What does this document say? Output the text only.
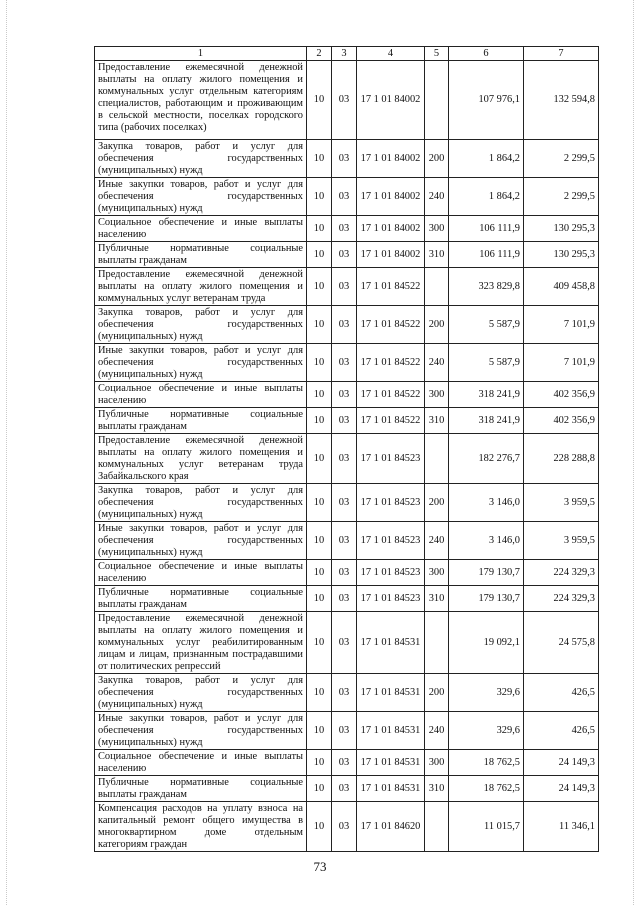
1	2	3	4	5	6	7
Предоставление ежемесячной денежной выплаты на оплату жилого помещения и коммунальных услуг отдельным категориям специалистов, работающим и проживающим в сельской местности, поселках городского типа (рабочих поселках)	10	03	17 1 01 84002		107 976,1	132 594,8
Закупка товаров, работ и услуг для обеспечения государственных (муниципальных) нужд	10	03	17 1 01 84002	200	1 864,2	2 299,5
Иные закупки товаров, работ и услуг для обеспечения государственных (муниципальных) нужд	10	03	17 1 01 84002	240	1 864,2	2 299,5
Социальное обеспечение и иные выплаты населению	10	03	17 1 01 84002	300	106 111,9	130 295,3
Публичные нормативные социальные выплаты гражданам	10	03	17 1 01 84002	310	106 111,9	130 295,3
Предоставление ежемесячной денежной выплаты на оплату жилого помещения и коммунальных услуг ветеранам труда	10	03	17 1 01 84522		323 829,8	409 458,8
Закупка товаров, работ и услуг для обеспечения государственных (муниципальных) нужд	10	03	17 1 01 84522	200	5 587,9	7 101,9
Иные закупки товаров, работ и услуг для обеспечения государственных (муниципальных) нужд	10	03	17 1 01 84522	240	5 587,9	7 101,9
Социальное обеспечение и иные выплаты населению	10	03	17 1 01 84522	300	318 241,9	402 356,9
Публичные нормативные социальные выплаты гражданам	10	03	17 1 01 84522	310	318 241,9	402 356,9
Предоставление ежемесячной денежной выплаты на оплату жилого помещения и коммунальных услуг ветеранам труда Забайкальского края	10	03	17 1 01 84523		182 276,7	228 288,8
Закупка товаров, работ и услуг для обеспечения государственных (муниципальных) нужд	10	03	17 1 01 84523	200	3 146,0	3 959,5
Иные закупки товаров, работ и услуг для обеспечения государственных (муниципальных) нужд	10	03	17 1 01 84523	240	3 146,0	3 959,5
Социальное обеспечение и иные выплаты населению	10	03	17 1 01 84523	300	179 130,7	224 329,3
Публичные нормативные социальные выплаты гражданам	10	03	17 1 01 84523	310	179 130,7	224 329,3
Предоставление ежемесячной денежной выплаты на оплату жилого помещения и коммунальных услуг реабилитированным лицам и лицам, признанным пострадавшими от политических репрессий	10	03	17 1 01 84531		19 092,1	24 575,8
Закупка товаров, работ и услуг для обеспечения государственных (муниципальных) нужд	10	03	17 1 01 84531	200	329,6	426,5
Иные закупки товаров, работ и услуг для обеспечения государственных (муниципальных) нужд	10	03	17 1 01 84531	240	329,6	426,5
Социальное обеспечение и иные выплаты населению	10	03	17 1 01 84531	300	18 762,5	24 149,3
Публичные нормативные социальные выплаты гражданам	10	03	17 1 01 84531	310	18 762,5	24 149,3
Компенсация расходов на уплату взноса на капитальный ремонт общего имущества в многоквартирном доме отдельным категориям граждан	10	03	17 1 01 84620		11 015,7	11 346,1
73
